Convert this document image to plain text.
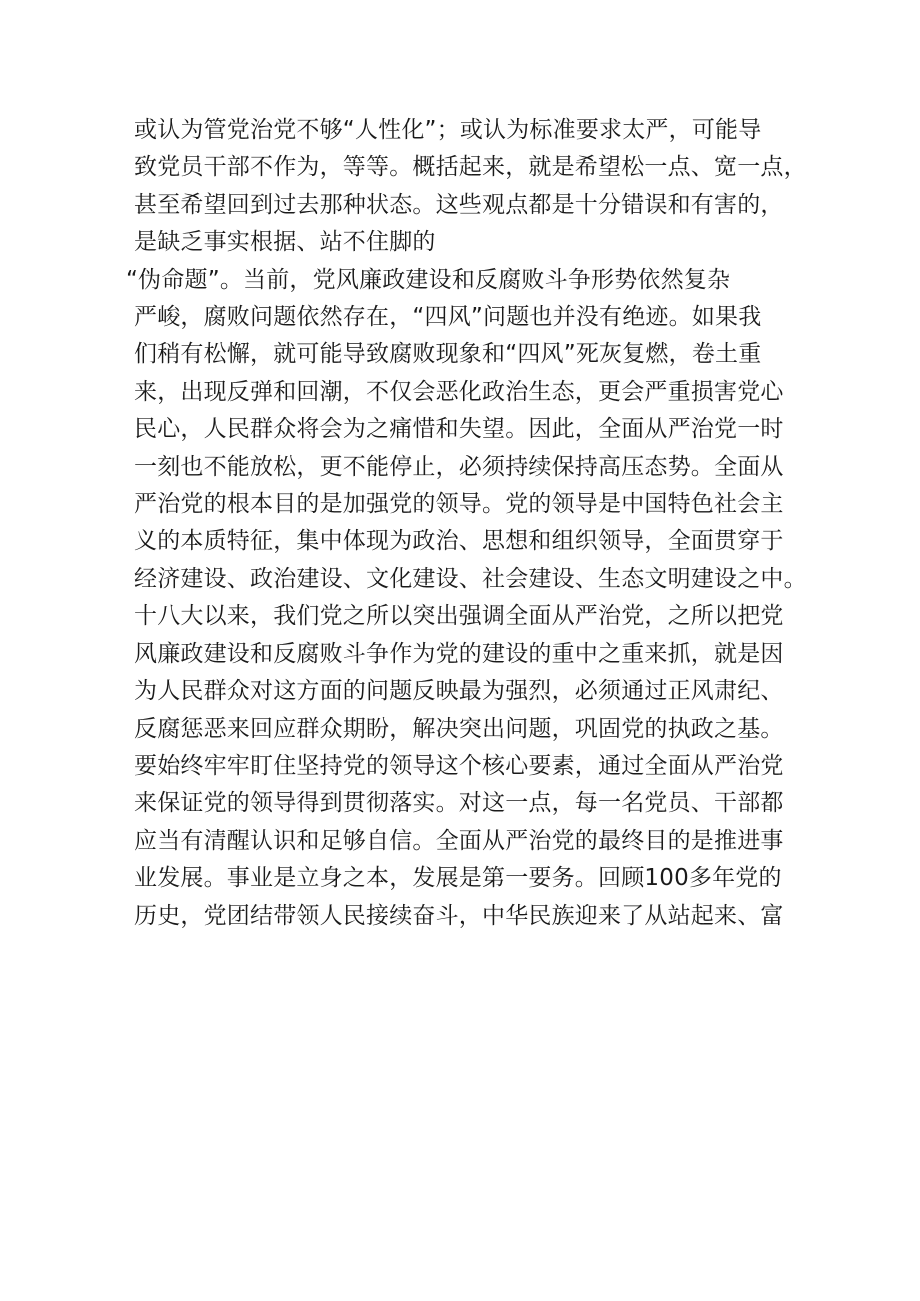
或认为管党治党不够“人性化”；或认为标准要求太严，可能导
致党员干部不作为，等等。概括起来，就是希望松一点、宽一点，
甚至希望回到过去那种状态。这些观点都是十分错误和有害的，
是缺乏事实根据、站不住脚的
“伪命题”。当前，党风廉政建设和反腐败斗争形势依然复杂
严峻，腐败问题依然存在，“四风”问题也并没有绝迹。如果我
们稍有松懈，就可能导致腐败现象和“四风”死灰复燃，卷土重
来，出现反弹和回潮，不仅会恶化政治生态，更会严重损害党心
民心，人民群众将会为之痛惜和失望。因此，全面从严治党一时
一刻也不能放松，更不能停止，必须持续保持高压态势。全面从
严治党的根本目的是加强党的领导。党的领导是中国特色社会主
义的本质特征，集中体现为政治、思想和组织领导，全面贯穿于
经济建设、政治建设、文化建设、社会建设、生态文明建设之中。
十八大以来，我们党之所以突出强调全面从严治党，之所以把党
风廉政建设和反腐败斗争作为党的建设的重中之重来抓，就是因
为人民群众对这方面的问题反映最为强烈，必须通过正风肃纪、
反腐惩恶来回应群众期盼，解决突出问题，巩固党的执政之基。
要始终牢牢盯住坚持党的领导这个核心要素，通过全面从严治党
来保证党的领导得到贯彻落实。对这一点，每一名党员、干部都
应当有清醒认识和足够自信。全面从严治党的最终目的是推进事
业发展。事业是立身之本，发展是第一要务。回顾100多年党的
历史，党团结带领人民接续奋斗，中华民族迎来了从站起来、富
